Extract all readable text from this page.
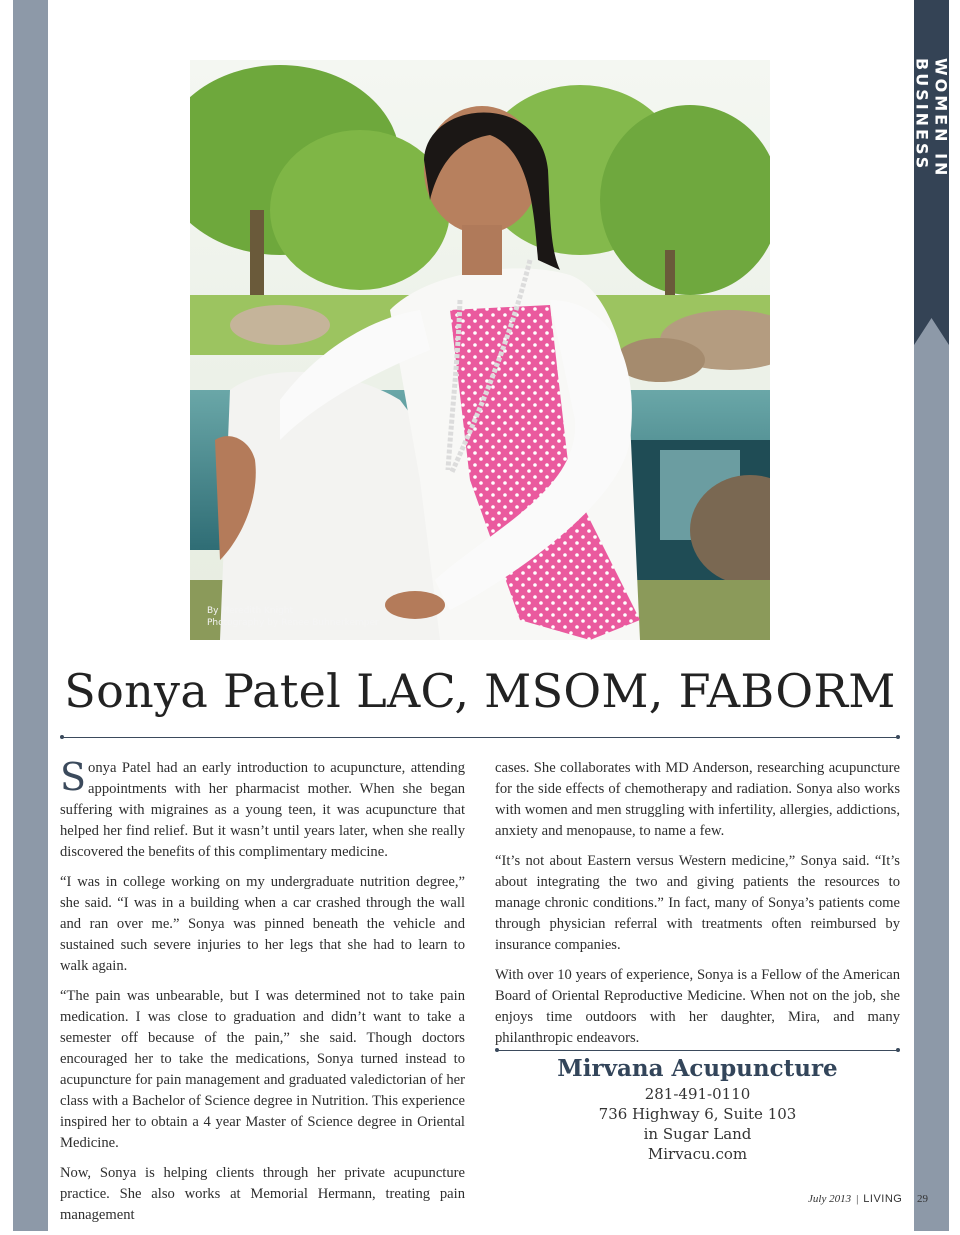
WOMEN IN BUSINESS
By Meredith Knight
Photography by Renee Buhnerkemper
Sonya Patel LAC, MSOM, FABORM

Sonya Patel had an early introduction to acupuncture, attending appointments with her pharmacist mother. When she began suffering with migraines as a young teen, it was acupuncture that helped her find relief. But it wasn’t until years later, when she really discovered the benefits of this complimentary medicine.

“I was in college working on my undergraduate nutrition degree,” she said. “I was in a building when a car crashed through the wall and ran over me.” Sonya was pinned beneath the vehicle and sustained such severe injuries to her legs that she had to learn to walk again.

“The pain was unbearable, but I was determined not to take pain medication. I was close to graduation and didn’t want to take a semester off because of the pain,” she said. Though doctors encouraged her to take the medications, Sonya turned instead to acupuncture for pain management and graduated valedictorian of her class with a Bachelor of Science degree in Nutrition. This experience inspired her to obtain a 4 year Master of Science degree in Oriental Medicine.

Now, Sonya is helping clients through her private acupuncture practice. She also works at Memorial Hermann, treating pain management

cases. She collaborates with MD Anderson, researching acupuncture for the side effects of chemotherapy and radiation. Sonya also works with women and men struggling with infertility, allergies, addictions, anxiety and menopause, to name a few.

“It’s not about Eastern versus Western medicine,” Sonya said. “It’s about integrating the two and giving patients the resources to manage chronic conditions.” In fact, many of Sonya’s patients come through physician referral with treatments often reimbursed by insurance companies.

With over 10 years of experience, Sonya is a Fellow of the American Board of Oriental Reproductive Medicine. When not on the job, she enjoys time outdoors with her daughter, Mira, and many philanthropic endeavors.

Mirvana Acupuncture
281-491-0110
736 Highway 6, Suite 103
in Sugar Land
Mirvacu.com
July 2013 | LIVING 29
